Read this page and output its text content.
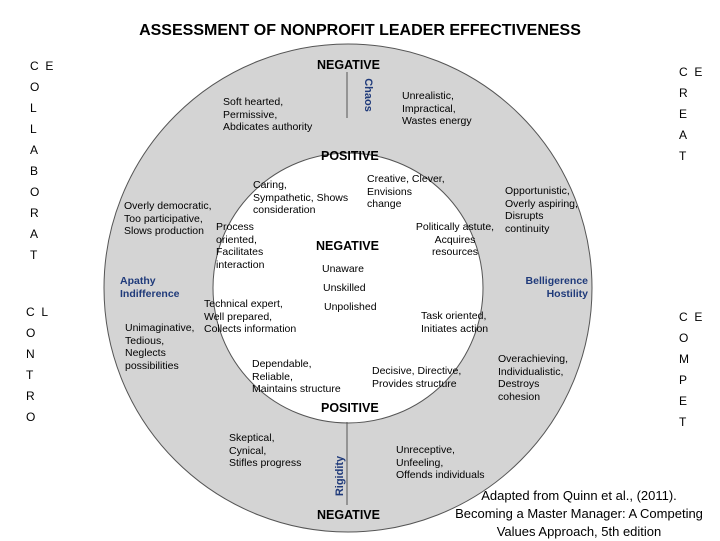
ASSESSMENT OF NONPROFIT LEADER EFFECTIVENESS
C  E
O
L
L
A
B
O
R
A
T
C  E
R
E
A
T
C  L
O
N
T
R
O
C  E
O
M
P
E
T
NEGATIVE
POSITIVE
NEGATIVE
POSITIVE
NEGATIVE
Chaos
Rigidity
Apathy
Indifference
Belligerence
Hostility
Soft hearted,
Permissive,
Abdicates authority
Unrealistic,
Impractical,
Wastes energy
Overly democratic,
Too participative,
Slows production
Opportunistic,
Overly aspiring,
Disrupts
continuity
Unimaginative,
Tedious,
Neglects
possibilities
Overachieving,
Individualistic,
Destroys
cohesion
Skeptical,
Cynical,
Stifles progress
Unreceptive,
Unfeeling,
Offends individuals
Caring,
Sympathetic, Shows
consideration
Creative, Clever,
Envisions
change
Process
oriented,
Facilitates
interaction
Politically astute,
Acquires
resources
Technical expert,
Well prepared,
Collects information
Task oriented,
Initiates action
Dependable,
Reliable,
Maintains structure
Decisive, Directive,
Provides structure
Unaware
Unskilled
Unpolished
Adapted from Quinn et al., (2011).
Becoming a Master Manager: A Competing
Values Approach, 5th edition
